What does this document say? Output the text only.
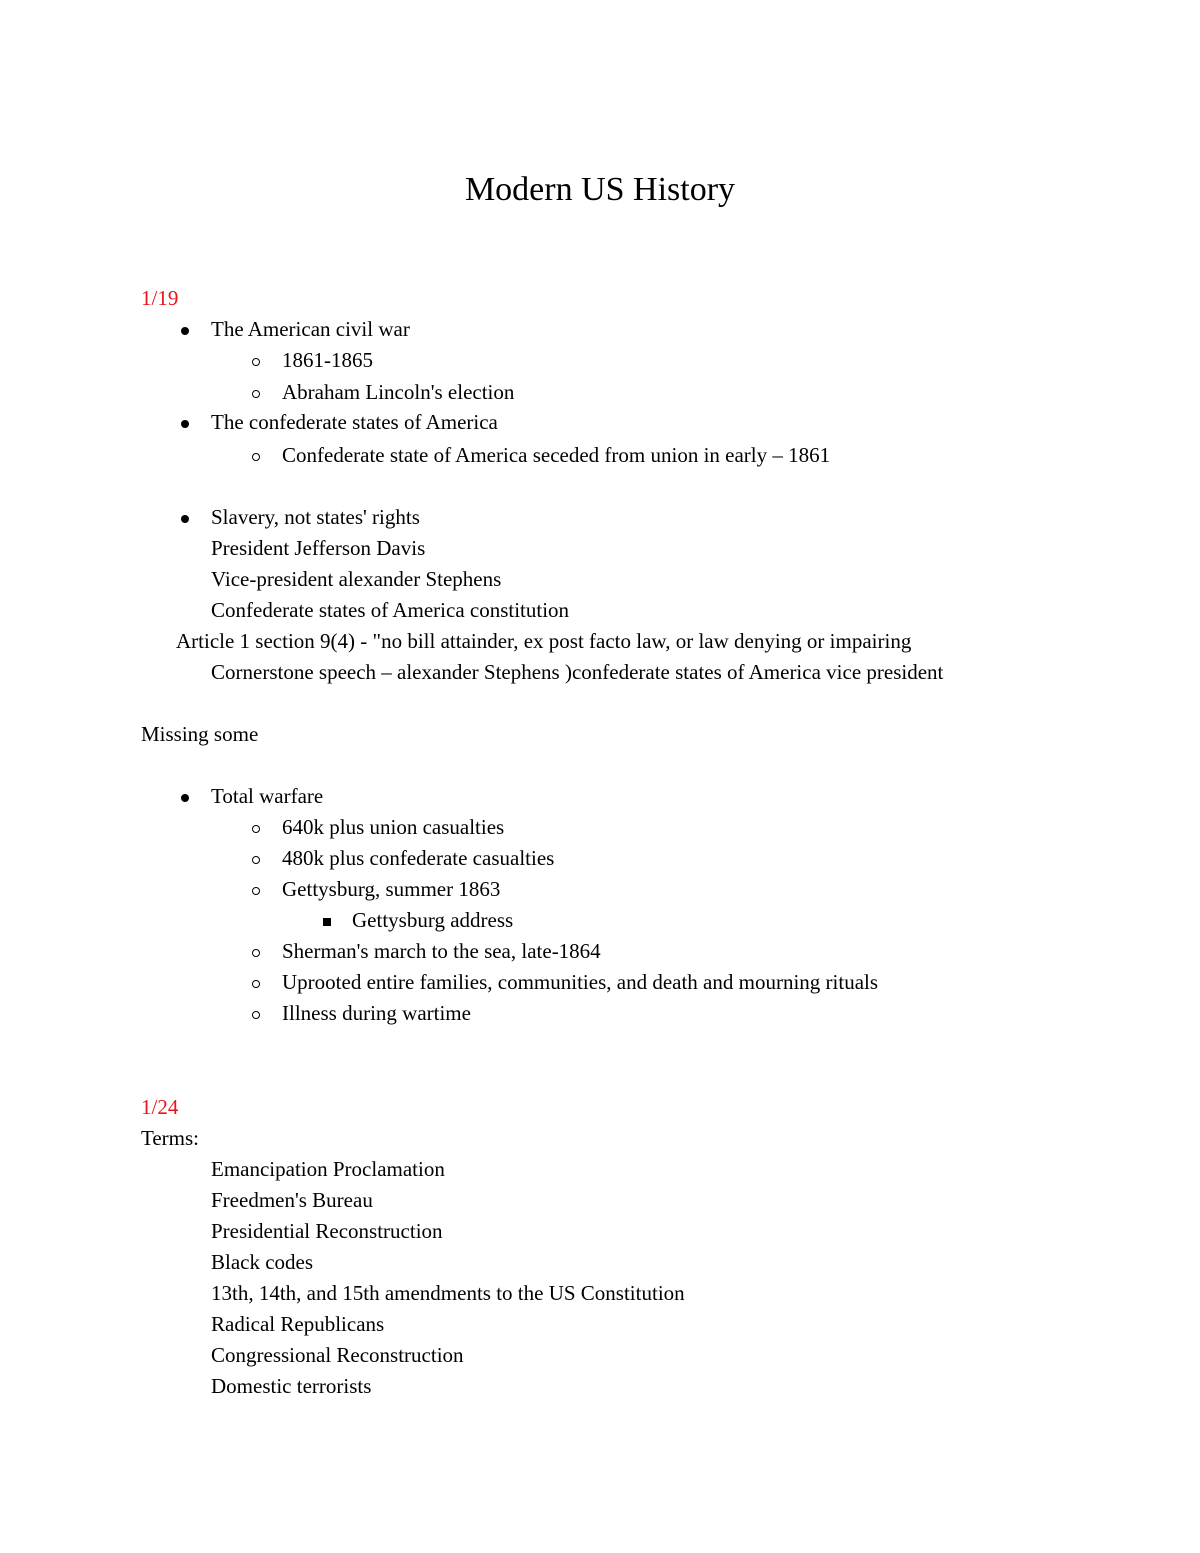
Modern US History
1/19
The American civil war
1861-1865
Abraham Lincoln's election
The confederate states of America
Confederate state of America seceded from union in early – 1861
Slavery, not states' rights
President Jefferson Davis
Vice-president alexander Stephens
Confederate states of America constitution
Article 1 section 9(4) - "no bill attainder, ex post facto law, or law denying or impairing
Cornerstone speech – alexander Stephens )confederate states of America vice president
Missing some
Total warfare
640k plus union casualties
480k plus confederate casualties
Gettysburg, summer 1863
Gettysburg address
Sherman's march to the sea, late-1864
Uprooted entire families, communities, and death and mourning rituals
Illness during wartime
1/24
Terms:
Emancipation Proclamation
Freedmen's Bureau
Presidential Reconstruction
Black codes
13th, 14th, and 15th amendments to the US Constitution
Radical Republicans
Congressional Reconstruction
Domestic terrorists
